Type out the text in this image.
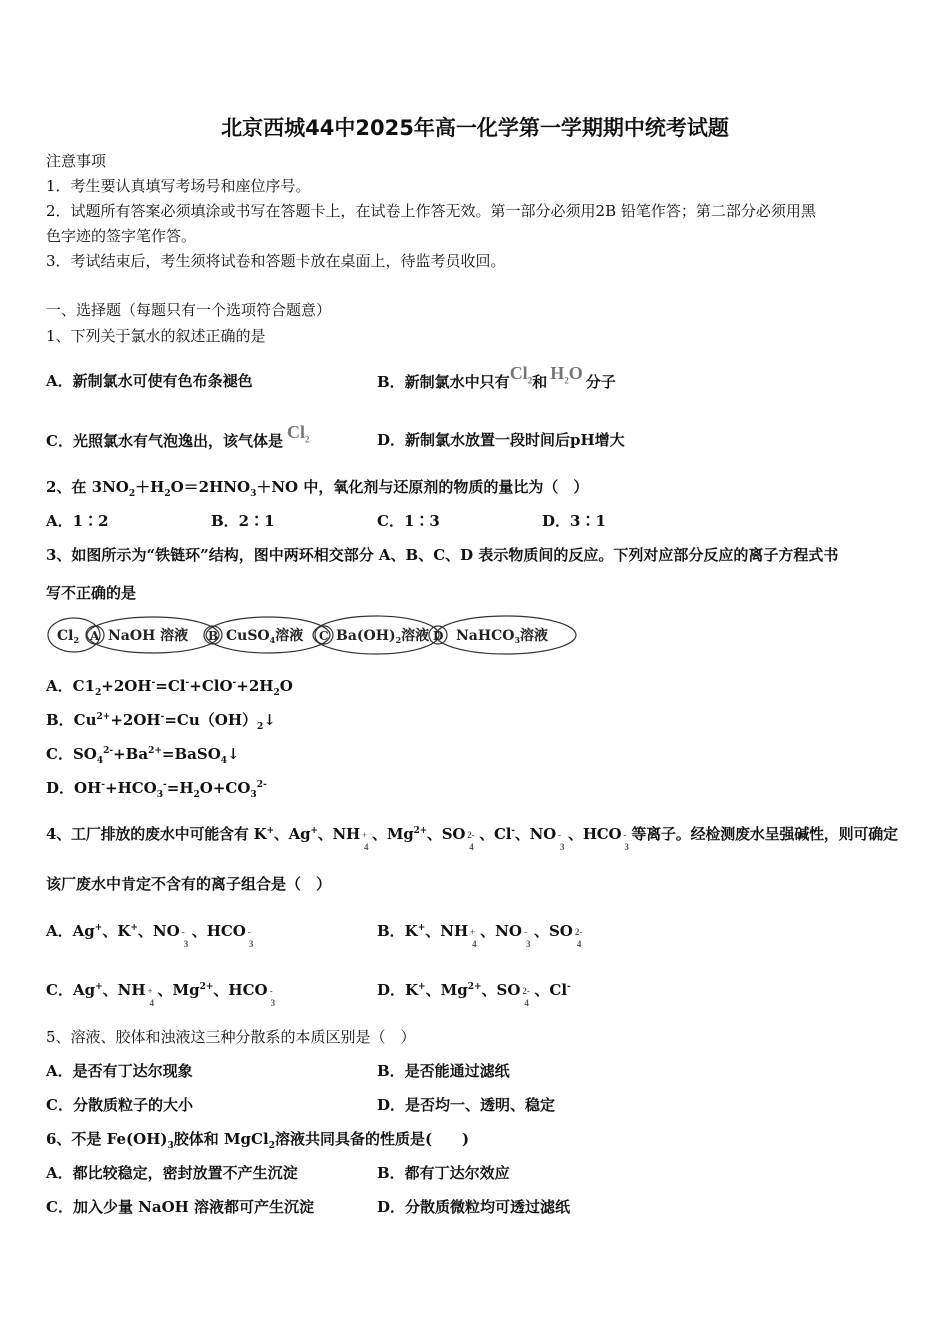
北京西城44中2025年高一化学第一学期期中统考试题
注意事项
1．考生要认真填写考场号和座位序号。
2．试题所有答案必须填涂或书写在答题卡上，在试卷上作答无效。第一部分必须用2B 铅笔作答；第二部分必须用黑
色字迹的签字笔作答。
3．考试结束后，考生须将试卷和答题卡放在桌面上，待监考员收回。
一、选择题（每题只有一个选项符合题意）
1、下列关于氯水的叙述正确的是
A．新制氯水可使有色布条褪色	B．新制氯水中只有$Cl_2$和 $H_2O$ 分子
C．光照氯水有气泡逸出，该气体是 $Cl_2$	D．新制氯水放置一段时间后pH增大
2、在 $3NO_2+H_2O=2HNO_3+NO$ 中，氧化剂与还原剂的物质的量比为（　）
A．1∶2	B．2∶1	C．1∶3	D．3∶1
3、如图所示为“铁链环”结构，图中两环相交部分 A、B、C、D 表示物质间的反应。下列对应部分反应的离子方程式书
写不正确的是
$Cl_2$ A NaOH 溶液 B CuSO$_4$溶液 C $Ba(OH)_2$溶液 D NaHCO$_3$溶液
A．$C1_2+2OH^-=Cl^-+ClO^-+2H_2O$
B．$Cu^{2+}+2OH^-=Cu(OH)_2↓$
C．$SO_4^{2-}+Ba^{2+}=BaSO_4↓$
D．$OH^-+HCO_3^-=H_2O+CO_3^{2-}$
4、工厂排放的废水中可能含有 K+、Ag+、NH +
4
、$Mg^{2+}$、SO 2-
4
、Cl-、NO -
3
、HCO -
3
等离子。经检测废水呈强碱性，则可确定
该厂废水中肯定不含有的离子组合是（　）
A．Ag+、K+、NO -
3
、HCO -
3
B．K+、NH +
4
、NO -
3
、SO 2-
4
C．Ag+、NH +
4
、$Mg^{2+}$、HCO -
3
D．K+、$Mg^{2+}$、SO 2-
4
、Cl-
5、溶液、胶体和浊液这三种分散系的本质区别是（　）
A．是否有丁达尔现象	B．是否能通过滤纸
C．分散质粒子的大小	D．是否均一、透明、稳定
6、不是 $Fe(OH)_3$胶体和 MgCl$_2$溶液共同具备的性质是(　　)
A．都比较稳定，密封放置不产生沉淀	B．都有丁达尔效应
C．加入少量 NaOH 溶液都可产生沉淀	D．分散质微粒均可透过滤纸
